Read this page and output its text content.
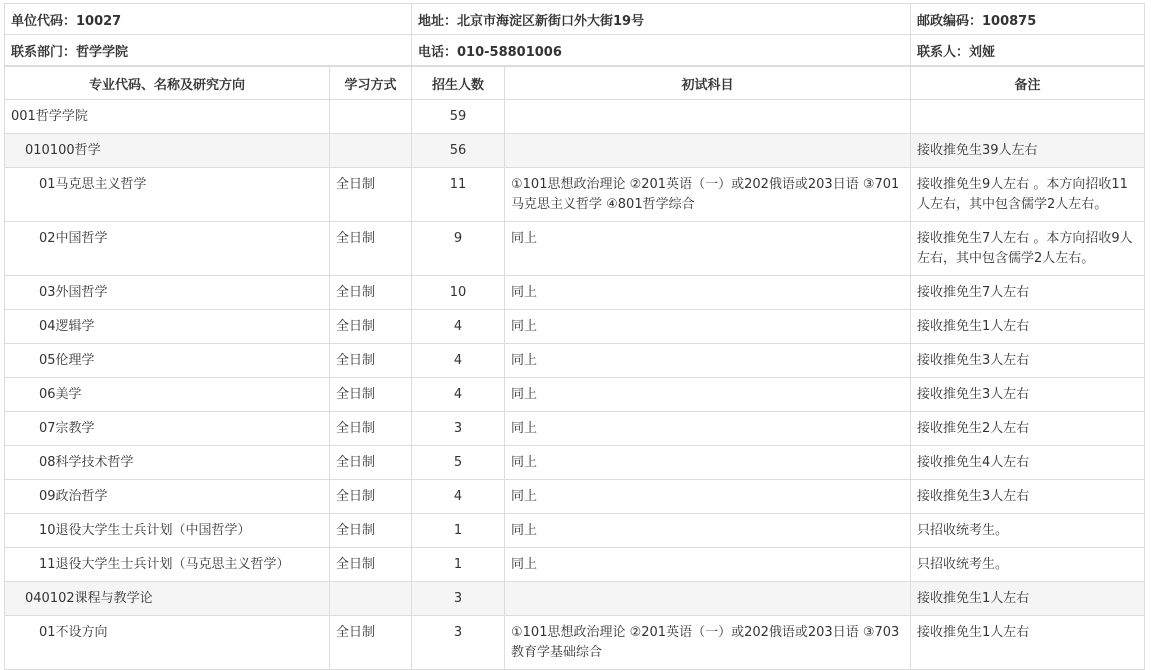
单位代码：10027	地址：北京市海淀区新街口外大街19号	邮政编码：100875
联系部门：哲学学院	电话：010-58801006	联系人：刘娅
专业代码、名称及研究方向	学习方式	招生人数	初试科目	备注
001哲学学院		59		
010100哲学		56		接收推免生39人左右
01马克思主义哲学	全日制	11	①101思想政治理论 ②201英语（一）或202俄语或203日语 ③701马克思主义哲学 ④801哲学综合	接收推免生9人左右 。本方向招收11人左右，其中包含儒学2人左右。
02中国哲学	全日制	9	同上	接收推免生7人左右 。本方向招收9人左右，其中包含儒学2人左右。
03外国哲学	全日制	10	同上	接收推免生7人左右
04逻辑学	全日制	4	同上	接收推免生1人左右
05伦理学	全日制	4	同上	接收推免生3人左右
06美学	全日制	4	同上	接收推免生3人左右
07宗教学	全日制	3	同上	接收推免生2人左右
08科学技术哲学	全日制	5	同上	接收推免生4人左右
09政治哲学	全日制	4	同上	接收推免生3人左右
10退役大学生士兵计划（中国哲学）	全日制	1	同上	只招收统考生。
11退役大学生士兵计划（马克思主义哲学）	全日制	1	同上	只招收统考生。
040102课程与教学论		3		接收推免生1人左右
01不设方向	全日制	3	①101思想政治理论 ②201英语（一）或202俄语或203日语 ③703教育学基础综合	接收推免生1人左右
